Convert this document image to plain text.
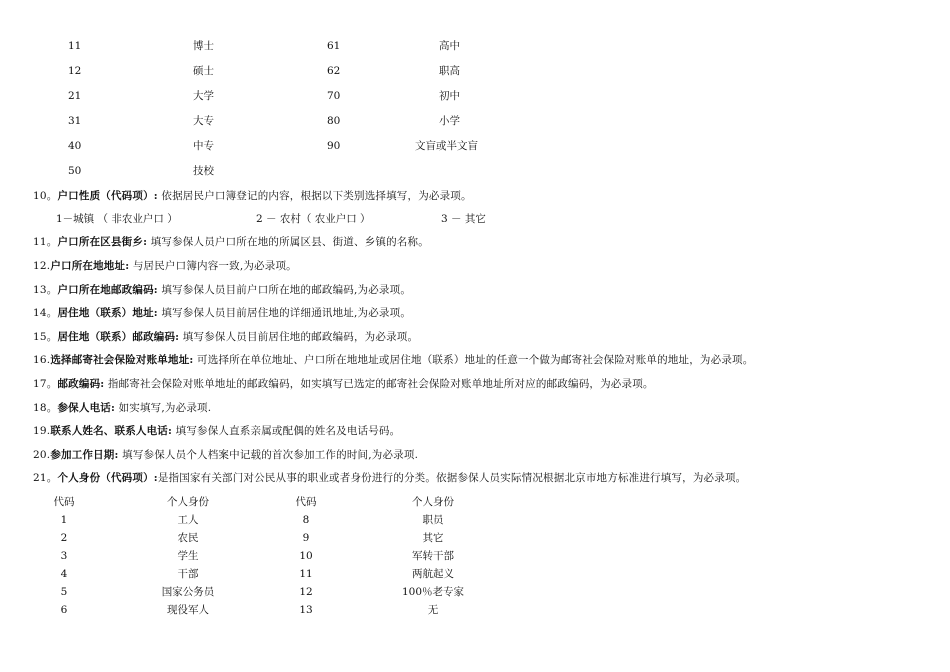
11	博士	61	高中
12	硕士	62	职高
21	大学	70	初中
31	大专	80	小学
40	中专	90	文盲或半文盲
50	技校
10。户口性质（代码项）: 依据居民户口簿登记的内容，根据以下类别选择填写，为必录项。
1－城镇 （ 非农业户口 ）	2 － 农村（ 农业户口 ）	3 － 其它
11。户口所在区县街乡: 填写参保人员户口所在地的所属区县、街道、乡镇的名称。
12.户口所在地地址: 与居民户口簿内容一致,为必录项。
13。户口所在地邮政编码: 填写参保人员目前户口所在地的邮政编码,为必录项。
14。居住地（联系）地址: 填写参保人员目前居住地的详细通讯地址,为必录项。
15。居住地（联系）邮政编码: 填写参保人员目前居住地的邮政编码，为必录项。
16.选择邮寄社会保险对账单地址: 可选择所在单位地址、户口所在地地址或居住地（联系）地址的任意一个做为邮寄社会保险对账单的地址，为必录项。
17。邮政编码: 指邮寄社会保险对账单地址的邮政编码，如实填写已选定的邮寄社会保险对账单地址所对应的邮政编码，为必录项。
18。参保人电话: 如实填写,为必录项.
19.联系人姓名、联系人电话: 填写参保人直系亲属或配偶的姓名及电话号码。
20.参加工作日期: 填写参保人员个人档案中记载的首次参加工作的时间,为必录项.
21。个人身份（代码项）:是指国家有关部门对公民从事的职业或者身份进行的分类。依据参保人员实际情况根据北京市地方标准进行填写，为必录项。
代码	个人身份	代码	个人身份
1	工人	8	职员
2	农民	9	其它
3	学生	10	军转干部
4	干部	11	两航起义
5	国家公务员	12	100％老专家
6	现役军人	13	无
